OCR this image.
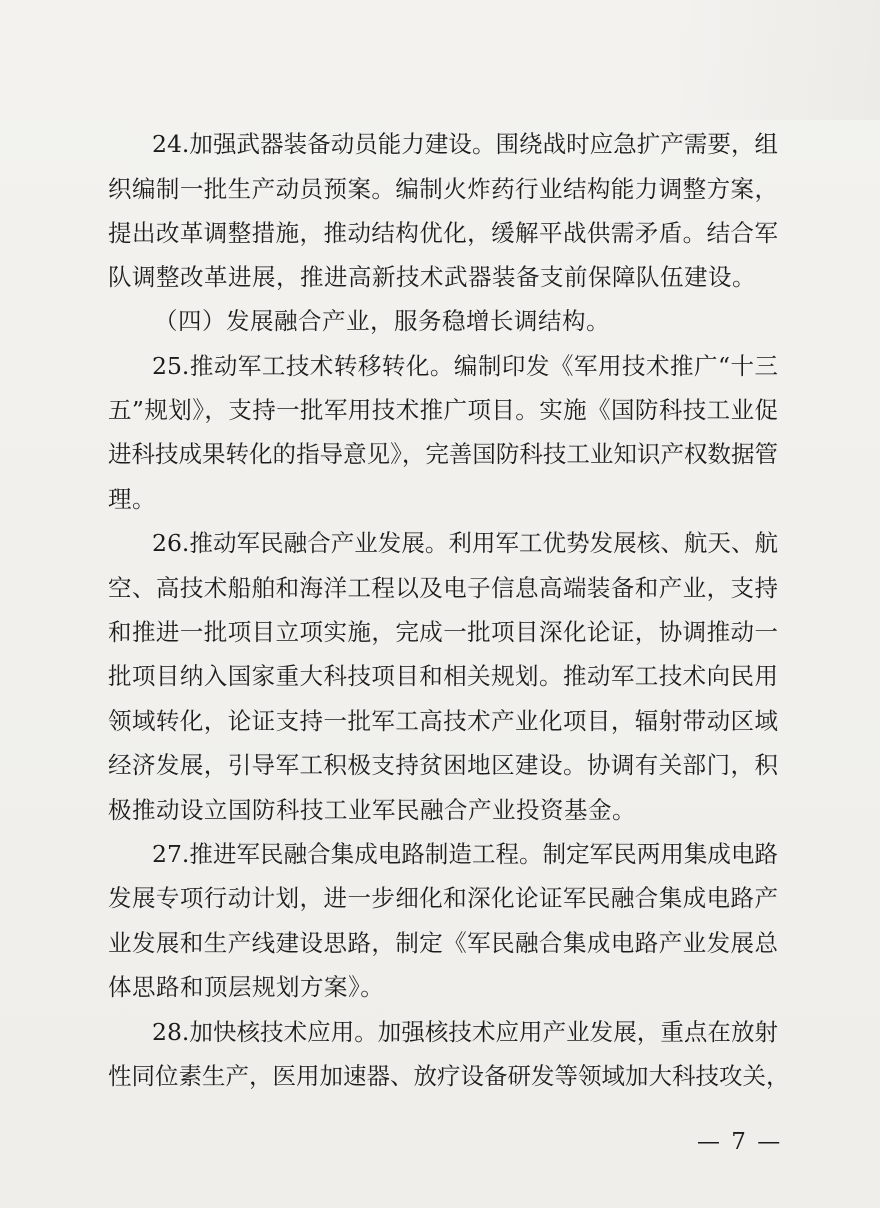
24.加强武器装备动员能力建设。围绕战时应急扩产需要，组
织编制一批生产动员预案。编制火炸药行业结构能力调整方案，
提出改革调整措施，推动结构优化，缓解平战供需矛盾。结合军
队调整改革进展，推进高新技术武器装备支前保障队伍建设。
（四）发展融合产业，服务稳增长调结构。
25.推动军工技术转移转化。编制印发《军用技术推广“十三
五”规划》，支持一批军用技术推广项目。实施《国防科技工业促
进科技成果转化的指导意见》，完善国防科技工业知识产权数据管
理。
26.推动军民融合产业发展。利用军工优势发展核、航天、航
空、高技术船舶和海洋工程以及电子信息高端装备和产业，支持
和推进一批项目立项实施，完成一批项目深化论证，协调推动一
批项目纳入国家重大科技项目和相关规划。推动军工技术向民用
领域转化，论证支持一批军工高技术产业化项目，辐射带动区域
经济发展，引导军工积极支持贫困地区建设。协调有关部门，积
极推动设立国防科技工业军民融合产业投资基金。
27.推进军民融合集成电路制造工程。制定军民两用集成电路
发展专项行动计划，进一步细化和深化论证军民融合集成电路产
业发展和生产线建设思路，制定《军民融合集成电路产业发展总
体思路和顶层规划方案》。
28.加快核技术应用。加强核技术应用产业发展，重点在放射
性同位素生产，医用加速器、放疗设备研发等领域加大科技攻关，
— 7 —
